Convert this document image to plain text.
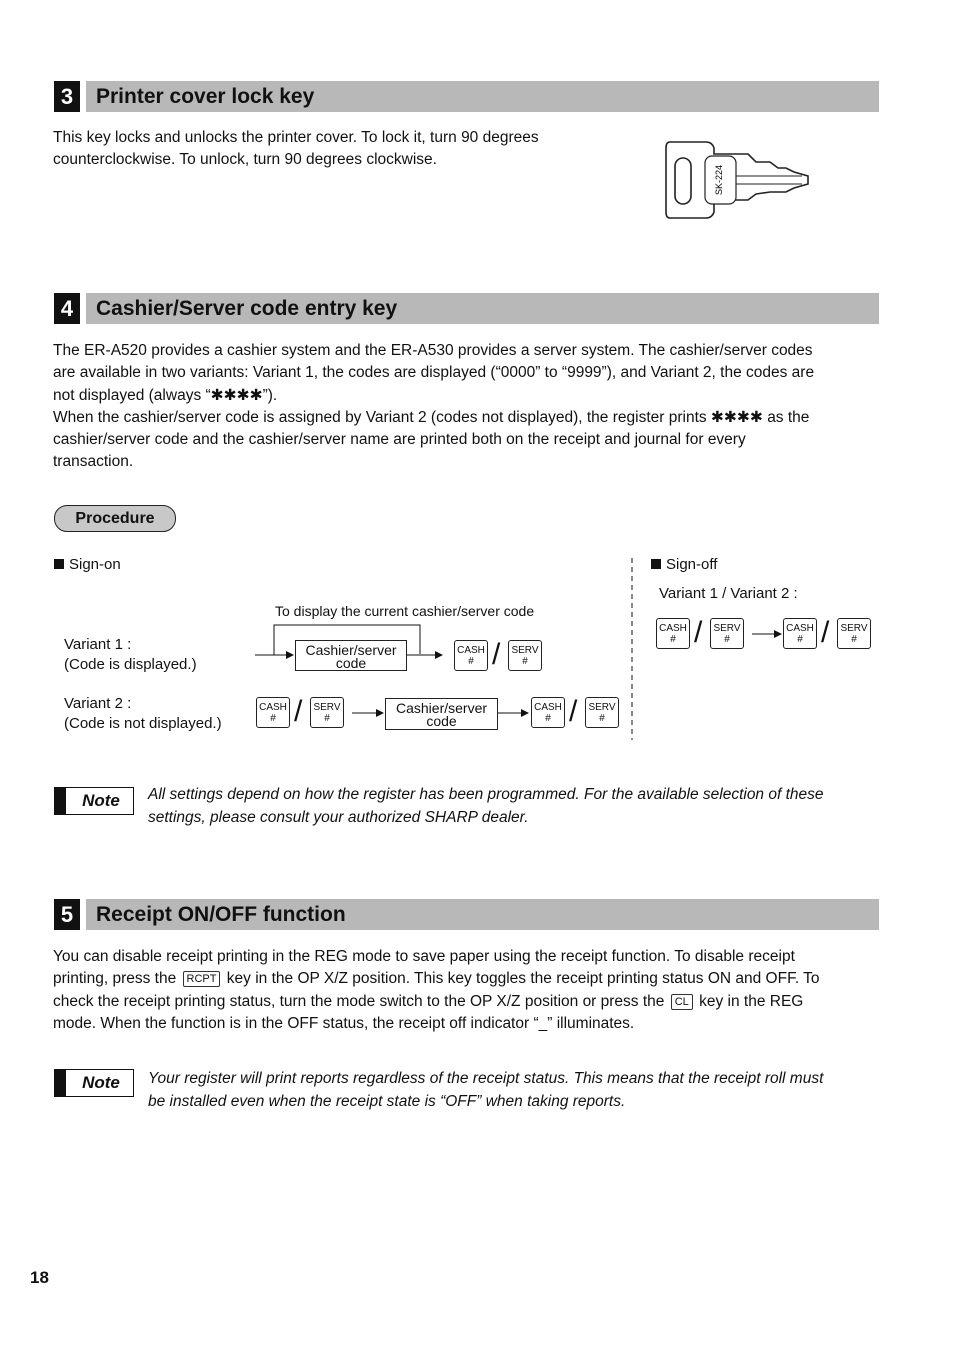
3	Printer cover lock key

This key locks and unlocks the printer cover. To lock it, turn 90 degrees

counterclockwise. To unlock, turn 90 degrees clockwise.

SK-224
4	Cashier/Server code entry key

The ER-A520 provides a cashier system and the ER-A530 provides a server system. The cashier/server codes

are available in two variants: Variant 1, the codes are displayed (“0000” to “9999”), and Variant 2, the codes are

not displayed (always “✱✱✱✱”).

When the cashier/server code is assigned by Variant 2 (codes not displayed), the register prints ✱✱✱✱ as the

cashier/server code and the cashier/server name are printed both on the receipt and journal for every

transaction.

Procedure
Sign-on
To display the current cashier/server code
Variant 1 :
(Code is displayed.)
Variant 2 :
(Code is not displayed.)
Cashier/server
code
CASH
# / SERV
#
CASH
# / SERV
#
Cashier/server
code
CASH
# / SERV
#
Sign-off
Variant 1 / Variant 2 :
CASH
# / SERV
#
CASH
# / SERV
#
Note	All settings depend on how the register has been programmed. For the available selection of these
settings, please consult your authorized SHARP dealer.
5	Receipt ON/OFF function

You can disable receipt printing in the REG mode to save paper using the receipt function. To disable receipt

printing, press the RCPT key in the OP X/Z position. This key toggles the receipt printing status ON and OFF. To

check the receipt printing status, turn the mode switch to the OP X/Z position or press the CL key in the REG

mode. When the function is in the OFF status, the receipt off indicator “_” illuminates.

Note	Your register will print reports regardless of the receipt status. This means that the receipt roll must
be installed even when the receipt state is “OFF” when taking reports.
18
